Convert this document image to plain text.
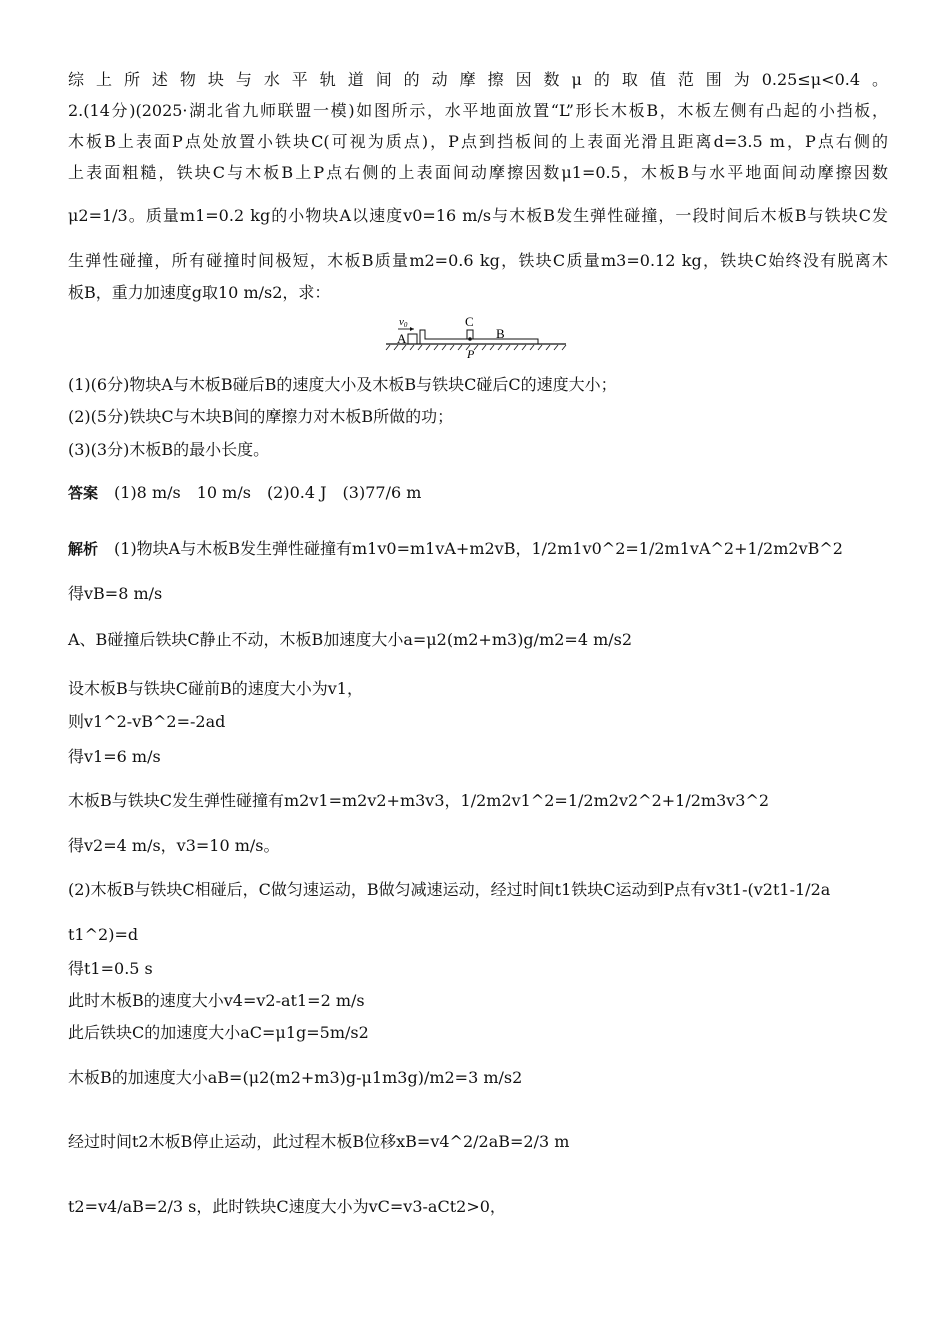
综上所述物块与水平轨道间的动摩擦因数μ的取值范围为0.25≤μ<0.4。
2.(14分)(2025·湖北省九师联盟一模)如图所示，水平地面放置“L”形长木板B，木板左侧有凸起的小挡板，
木板B上表面P点处放置小铁块C(可视为质点)，P点到挡板间的上表面光滑且距离d=3.5 m，P点右侧的
上表面粗糙，铁块C与木板B上P点右侧的上表面间动摩擦因数μ1=0.5，木板B与水平地面间动摩擦因数
μ2=1/3。质量m1=0.2 kg的小物块A以速度v0=16 m/s与木板B发生弹性碰撞，一段时间后木板B与铁块C发
生弹性碰撞，所有碰撞时间极短，木板B质量m2=0.6 kg，铁块C质量m3=0.12 kg，铁块C始终没有脱离木
板B，重力加速度g取10 m/s2，求：
v0
A
C
B
P
(1)(6分)物块A与木板B碰后B的速度大小及木板B与铁块C碰后C的速度大小；
(2)(5分)铁块C与木块B间的摩擦力对木板B所做的功；
(3)(3分)木板B的最小长度。
答案 (1)8 m/s　10 m/s　(2)0.4 J　(3)77/6 m
解析 (1)物块A与木板B发生弹性碰撞有m1v0=m1vA+m2vB，1/2m1v0^2=1/2m1vA^2+1/2m2vB^2
得vB=8 m/s
A、B碰撞后铁块C静止不动，木板B加速度大小a=μ2(m2+m3)g/m2=4 m/s2
设木板B与铁块C碰前B的速度大小为v1，
则v1^2-vB^2=-2ad
得v1=6 m/s
木板B与铁块C发生弹性碰撞有m2v1=m2v2+m3v3，1/2m2v1^2=1/2m2v2^2+1/2m3v3^2
得v2=4 m/s，v3=10 m/s。
(2)木板B与铁块C相碰后，C做匀速运动，B做匀减速运动，经过时间t1铁块C运动到P点有v3t1-(v2t1-1/2a
t1^2)=d
得t1=0.5 s
此时木板B的速度大小v4=v2-at1=2 m/s
此后铁块C的加速度大小aC=μ1g=5m/s2
木板B的加速度大小aB=(μ2(m2+m3)g-μ1m3g)/m2=3 m/s2
经过时间t2木板B停止运动，此过程木板B位移xB=v4^2/2aB=2/3 m
t2=v4/aB=2/3 s，此时铁块C速度大小为vC=v3-aCt2>0，
